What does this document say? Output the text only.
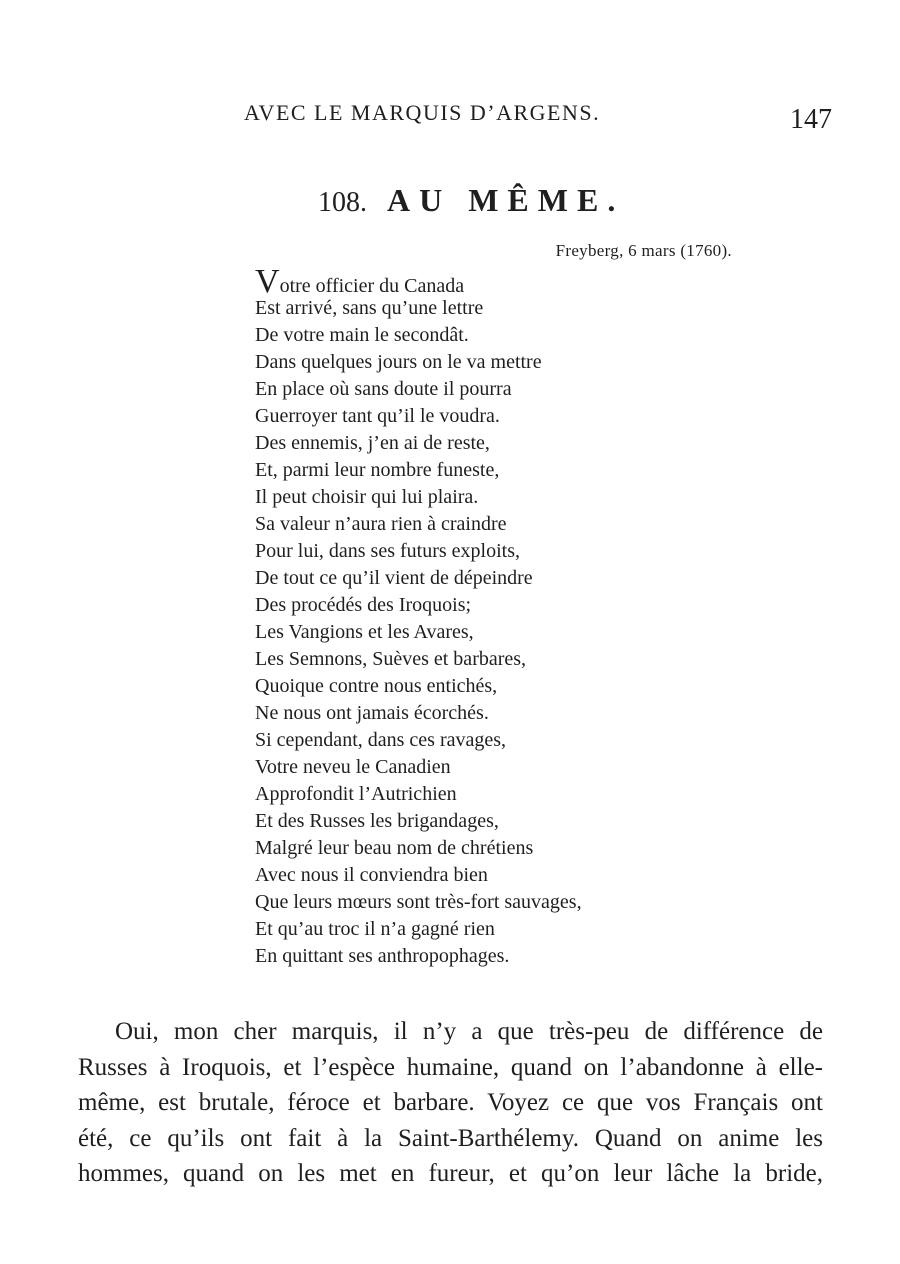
AVEC LE MARQUIS D’ARGENS.	147
108. AU MÊME.
Freyberg, 6 mars (1760).
Votre officier du Canada
Est arrivé, sans qu’une lettre
De votre main le secondât.
Dans quelques jours on le va mettre
En place où sans doute il pourra
Guerroyer tant qu’il le voudra.
Des ennemis, j’en ai de reste,
Et, parmi leur nombre funeste,
Il peut choisir qui lui plaira.
Sa valeur n’aura rien à craindre
Pour lui, dans ses futurs exploits,
De tout ce qu’il vient de dépeindre
Des procédés des Iroquois;
Les Vangions et les Avares,
Les Semnons, Suèves et barbares,
Quoique contre nous entichés,
Ne nous ont jamais écorchés.
Si cependant, dans ces ravages,
Votre neveu le Canadien
Approfondit l’Autrichien
Et des Russes les brigandages,
Malgré leur beau nom de chrétiens
Avec nous il conviendra bien
Que leurs mœurs sont très-fort sauvages,
Et qu’au troc il n’a gagné rien
En quittant ses anthropophages.
Oui, mon cher marquis, il n’y a que très-peu de différence de
Russes à Iroquois, et l’espèce humaine, quand on l’abandonne à elle-
même, est brutale, féroce et barbare. Voyez ce que vos Français ont
été, ce qu’ils ont fait à la Saint-Barthélemy. Quand on anime les
hommes, quand on les met en fureur, et qu’on leur lâche la bride,
